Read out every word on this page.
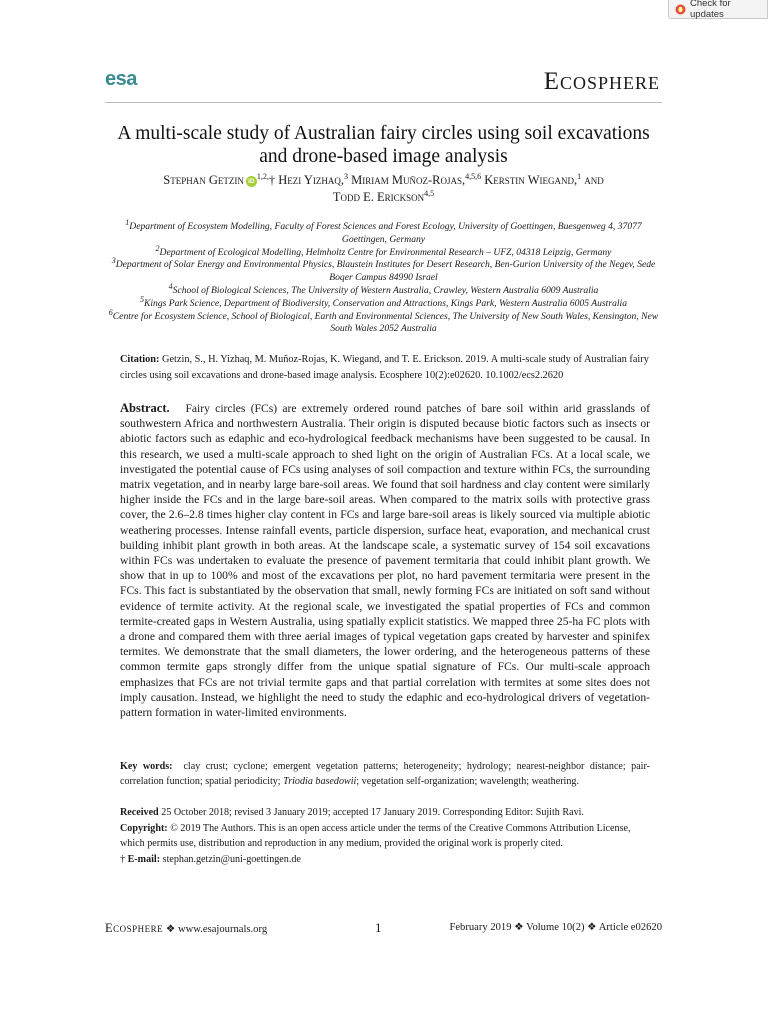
Check for updates
esa	Ecosphere
A multi-scale study of Australian fairy circles using soil excavations and drone-based image analysis
Stephan Getzin $iD^{1,2,}\dagger$ Hezi Yizhaq,$^3$ Miriam Muñoz-Rojas,$^{4,5,6}$ Kerstin Wiegand,$^1$ and
Todd E. Erickson$^{4,5}$
$^1$Department of Ecosystem Modelling, Faculty of Forest Sciences and Forest Ecology, University of Goettingen, Buesgenweg 4, 37077 Goettingen, Germany
$^2$Department of Ecological Modelling, Helmholtz Centre for Environmental Research – UFZ, 04318 Leipzig, Germany
$^3$Department of Solar Energy and Environmental Physics, Blaustein Institutes for Desert Research, Ben-Gurion University of the Negev, Sede Boqer Campus 84990 Israel
$^4$School of Biological Sciences, The University of Western Australia, Crawley, Western Australia 6009 Australia
$^5$Kings Park Science, Department of Biodiversity, Conservation and Attractions, Kings Park, Western Australia 6005 Australia
$^6$Centre for Ecosystem Science, School of Biological, Earth and Environmental Sciences, The University of New South Wales, Kensington, New South Wales 2052 Australia
Citation: Getzin, S., H. Yizhaq, M. Muñoz-Rojas, K. Wiegand, and T. E. Erickson. 2019. A multi-scale study of Australian fairy circles using soil excavations and drone-based image analysis. Ecosphere 10(2):e02620. 10.1002/ecs2.2620
Abstract. Fairy circles (FCs) are extremely ordered round patches of bare soil within arid grasslands of southwestern Africa and northwestern Australia. Their origin is disputed because biotic factors such as insects or abiotic factors such as edaphic and eco-hydrological feedback mechanisms have been suggested to be causal. In this research, we used a multi-scale approach to shed light on the origin of Australian FCs. At a local scale, we investigated the potential cause of FCs using analyses of soil compaction and texture within FCs, the surrounding matrix vegetation, and in nearby large bare-soil areas. We found that soil hardness and clay content were similarly higher inside the FCs and in the large bare-soil areas. When compared to the matrix soils with protective grass cover, the 2.6–2.8 times higher clay content in FCs and large bare-soil areas is likely sourced via multiple abiotic weathering processes. Intense rainfall events, particle dispersion, surface heat, evaporation, and mechanical crust building inhibit plant growth in both areas. At the landscape scale, a systematic survey of 154 soil excavations within FCs was undertaken to evaluate the presence of pavement termitaria that could inhibit plant growth. We show that in up to 100% and most of the excavations per plot, no hard pavement termitaria were present in the FCs. This fact is substantiated by the observation that small, newly forming FCs are initiated on soft sand without evidence of termite activity. At the regional scale, we investigated the spatial properties of FCs and common termite-created gaps in Western Australia, using spatially explicit statistics. We mapped three 25-ha FC plots with a drone and compared them with three aerial images of typical vegetation gaps created by harvester and spinifex termites. We demonstrate that the small diameters, the lower ordering, and the heterogeneous patterns of these common termite gaps strongly differ from the unique spatial signature of FCs. Our multi-scale approach emphasizes that FCs are not trivial termite gaps and that partial correlation with termites at some sites does not imply causation. Instead, we highlight the need to study the edaphic and eco-hydrological drivers of vegetation-pattern formation in water-limited environments.
Key words: clay crust; cyclone; emergent vegetation patterns; heterogeneity; hydrology; nearest-neighbor distance; pair-correlation function; spatial periodicity; Triodia basedowii; vegetation self-organization; wavelength; weathering.
Received 25 October 2018; revised 3 January 2019; accepted 17 January 2019. Corresponding Editor: Sujith Ravi.
Copyright: © 2019 The Authors. This is an open access article under the terms of the Creative Commons Attribution License, which permits use, distribution and reproduction in any medium, provided the original work is properly cited.
† E-mail: stephan.getzin@uni-goettingen.de
Ecosphere ❖ www.esajournals.org	1	February 2019 ❖ Volume 10(2) ❖ Article e02620
